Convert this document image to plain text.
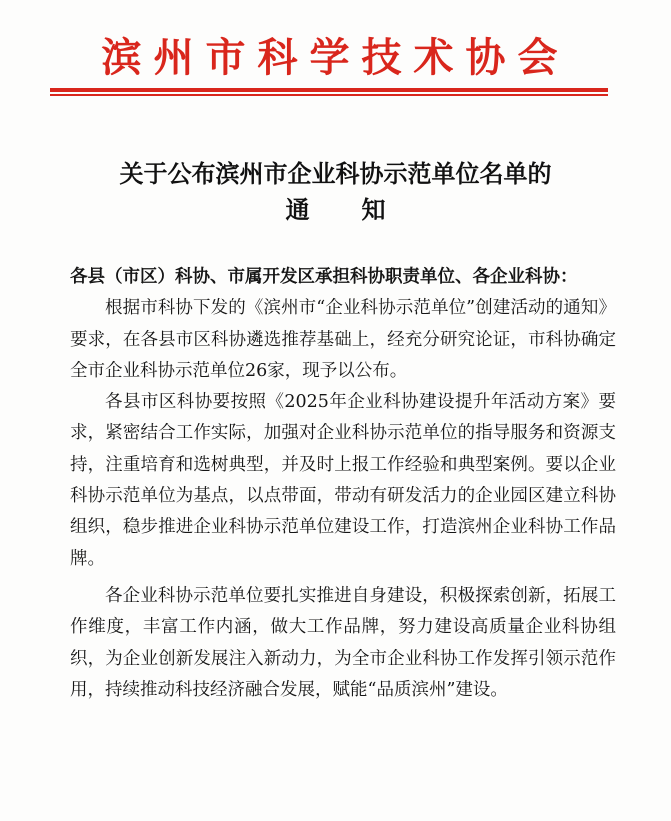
滨州市科学技术协会
关于公布滨州市企业科协示范单位名单的
通知

各县（市区）科协、市属开发区承担科协职责单位、各企业科协：

根据市科协下发的《滨州市“企业科协示范单位”创建活动的通知》要求，在各县市区科协遴选推荐基础上，经充分研究论证，市科协确定全市企业科协示范单位26家，现予以公布。

各县市区科协要按照《2025年企业科协建设提升年活动方案》要求，紧密结合工作实际，加强对企业科协示范单位的指导服务和资源支持，注重培育和选树典型，并及时上报工作经验和典型案例。要以企业科协示范单位为基点，以点带面，带动有研发活力的企业园区建立科协组织，稳步推进企业科协示范单位建设工作，打造滨州企业科协工作品牌。

各企业科协示范单位要扎实推进自身建设，积极探索创新，拓展工作维度，丰富工作内涵，做大工作品牌，努力建设高质量企业科协组织，为企业创新发展注入新动力，为全市企业科协工作发挥引领示范作用，持续推动科技经济融合发展，赋能“品质滨州”建设。
